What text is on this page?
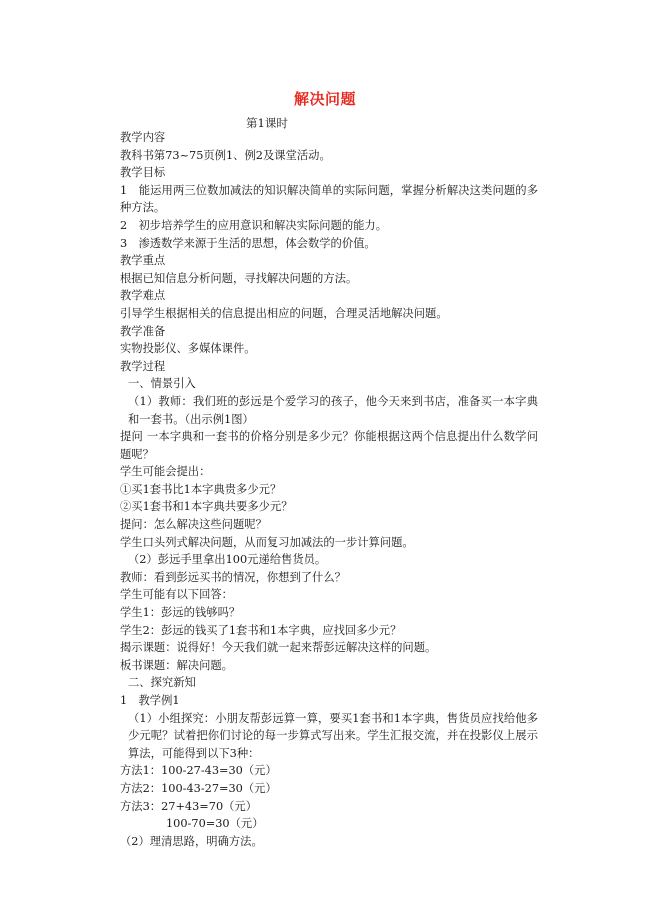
解决问题
第1课时
教学内容
教科书第73~75页例1、例2及课堂活动。
教学目标
1　能运用两三位数加减法的知识解决简单的实际问题，掌握分析解决这类问题的多种方法。
2　初步培养学生的应用意识和解决实际问题的能力。
3　渗透数学来源于生活的思想，体会数学的价值。
教学重点
根据已知信息分析问题，寻找解决问题的方法。
教学难点
引导学生根据相关的信息提出相应的问题，合理灵活地解决问题。
教学准备
实物投影仪、多媒体课件。
教学过程
一、情景引入
（1）教师：我们班的彭远是个爱学习的孩子，他今天来到书店，准备买一本字典和一套书。（出示例1图）
提问 一本字典和一套书的价格分别是多少元？你能根据这两个信息提出什么数学问题呢？
学生可能会提出：
①买1套书比1本字典贵多少元？
②买1套书和1本字典共要多少元？
提问：怎么解决这些问题呢？
学生口头列式解决问题，从而复习加减法的一步计算问题。
（2）彭远手里拿出100元递给售货员。
教师：看到彭远买书的情况，你想到了什么？
学生可能有以下回答：
学生1：彭远的钱够吗？
学生2：彭远的钱买了1套书和1本字典，应找回多少元？
揭示课题：说得好！今天我们就一起来帮彭远解决这样的问题。
板书课题：解决问题。
二、探究新知
1　教学例1
（1）小组探究：小朋友帮彭远算一算，要买1套书和1本字典，售货员应找给他多少元呢？试着把你们讨论的每一步算式写出来。学生汇报交流，并在投影仪上展示算法，可能得到以下3种：
方法1：100-27-43=30（元）
方法2：100-43-27=30（元）
方法3：27+43=70（元）
100-70=30（元）
（2）理清思路，明确方法。
